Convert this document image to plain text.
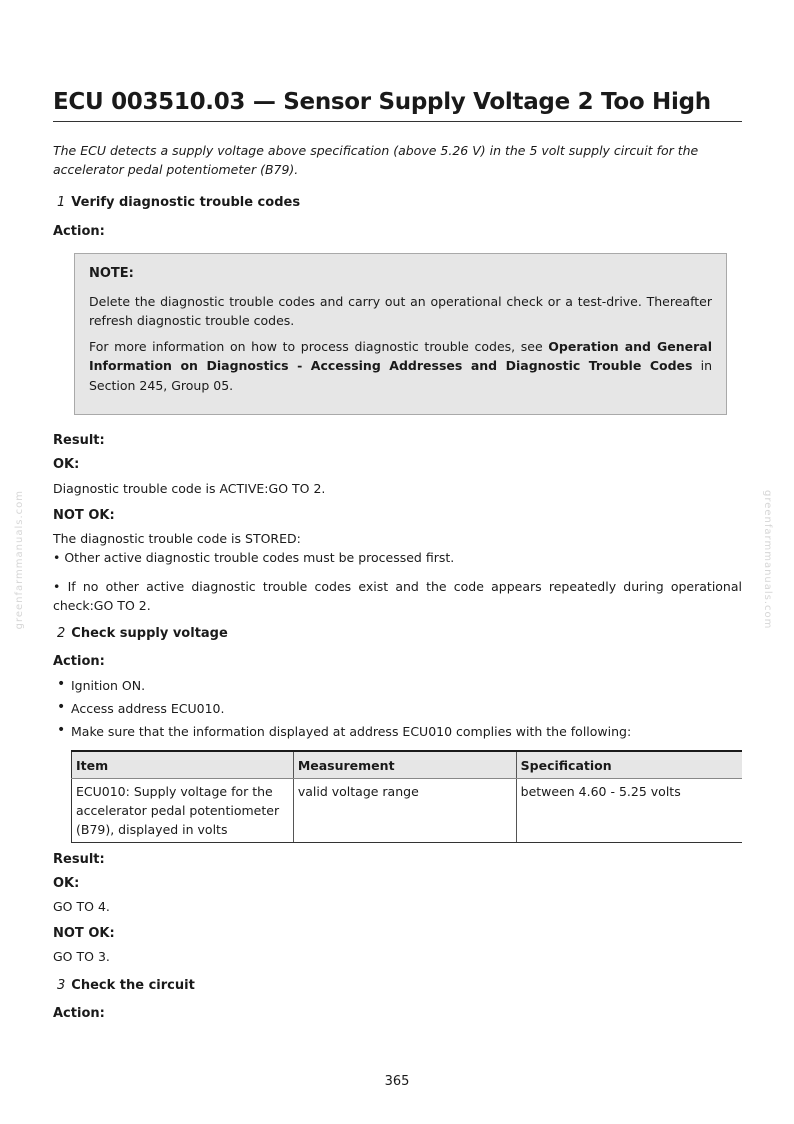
greenfarmmanuals.com	greenfarmmanuals.com
ECU 003510.03 — Sensor Supply Voltage 2 Too High

The ECU detects a supply voltage above specification (above 5.26 V) in the 5 volt supply circuit for the accelerator pedal potentiometer (B79).

1 Verify diagnostic trouble codes
Action:

NOTE:

Delete the diagnostic trouble codes and carry out an operational check or a test-drive. Thereafter refresh diagnostic trouble codes.

For more information on how to process diagnostic trouble codes, see Operation and General Information on Diagnostics - Accessing Addresses and Diagnostic Trouble Codes in Section 245, Group 05.

Result:
OK:
Diagnostic trouble code is ACTIVE:GO TO 2.
NOT OK:
The diagnostic trouble code is STORED:
• Other active diagnostic trouble codes must be processed first.
• If no other active diagnostic trouble codes exist and the code appears repeatedly during operational check:GO TO 2.
2 Check supply voltage
Action:
• Ignition ON.
• Access address ECU010.
• Make sure that the information displayed at address ECU010 complies with the following:
Item	Measurement	Specification
ECU010: Supply voltage for the accelerator pedal potentiometer (B79), displayed in volts	valid voltage range	between 4.60 - 5.25 volts
Result:
OK:
GO TO 4.
NOT OK:
GO TO 3.
3 Check the circuit
Action:
365
